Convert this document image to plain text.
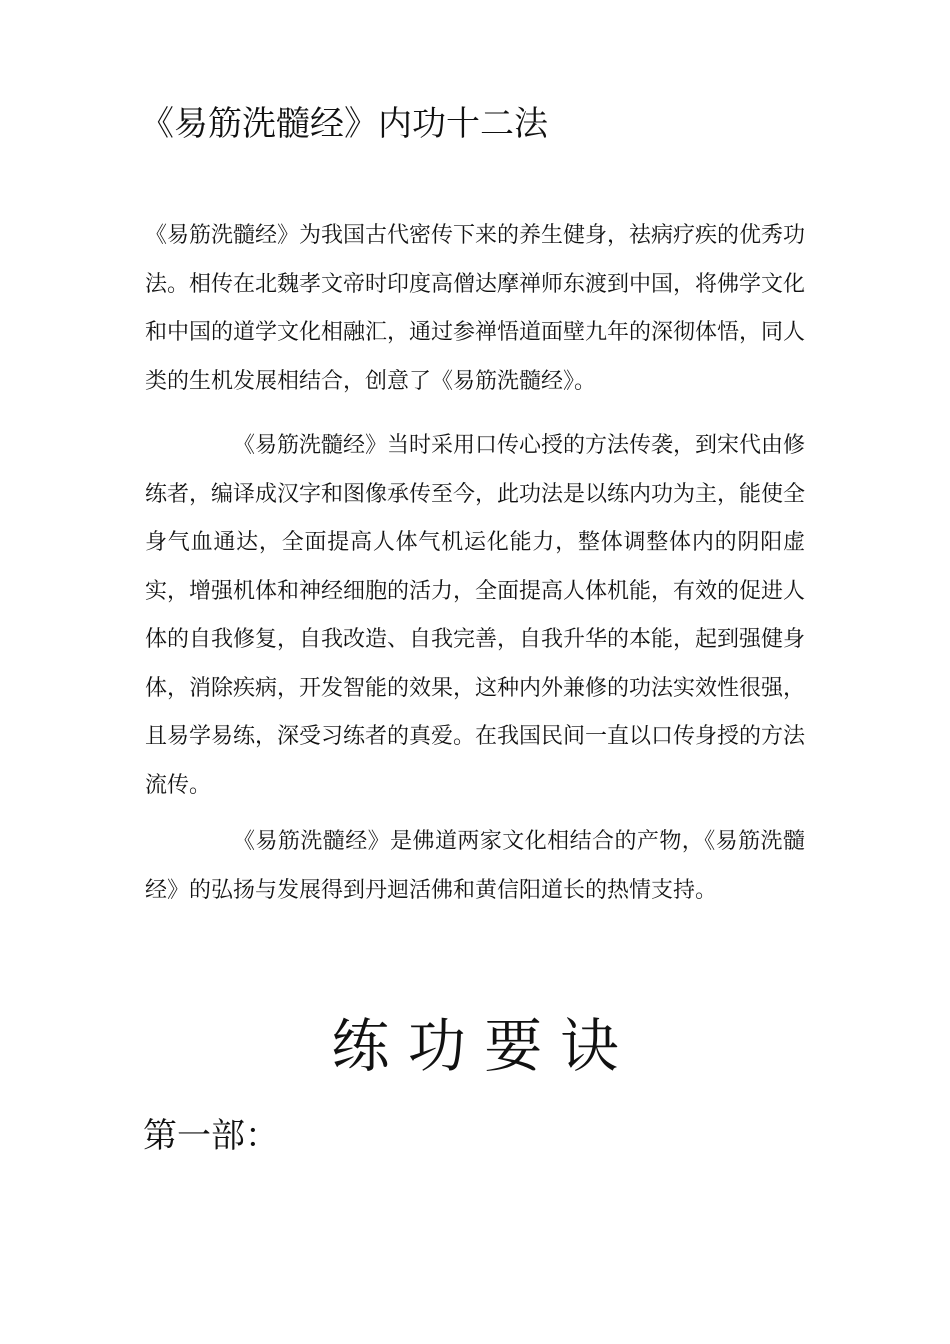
《易筋洗髓经》内功十二法
《易筋洗髓经》为我国古代密传下来的养生健身，祛病疗疾的优秀功法。相传在北魏孝文帝时印度高僧达摩禅师东渡到中国，将佛学文化和中国的道学文化相融汇，通过参禅悟道面壁九年的深彻体悟，同人类的生机发展相结合，创意了《易筋洗髓经》。
《易筋洗髓经》当时采用口传心授的方法传袭，到宋代由修练者，编译成汉字和图像承传至今，此功法是以练内功为主，能使全身气血通达，全面提高人体气机运化能力，整体调整体内的阴阳虚实，增强机体和神经细胞的活力，全面提高人体机能，有效的促进人体的自我修复，自我改造、自我完善，自我升华的本能，起到强健身体，消除疾病，开发智能的效果，这种内外兼修的功法实效性很强，且易学易练，深受习练者的真爱。在我国民间一直以口传身授的方法流传。
《易筋洗髓经》是佛道两家文化相结合的产物，《易筋洗髓经》的弘扬与发展得到丹迴活佛和黄信阳道长的热情支持。
练 功 要 诀
第一部：
